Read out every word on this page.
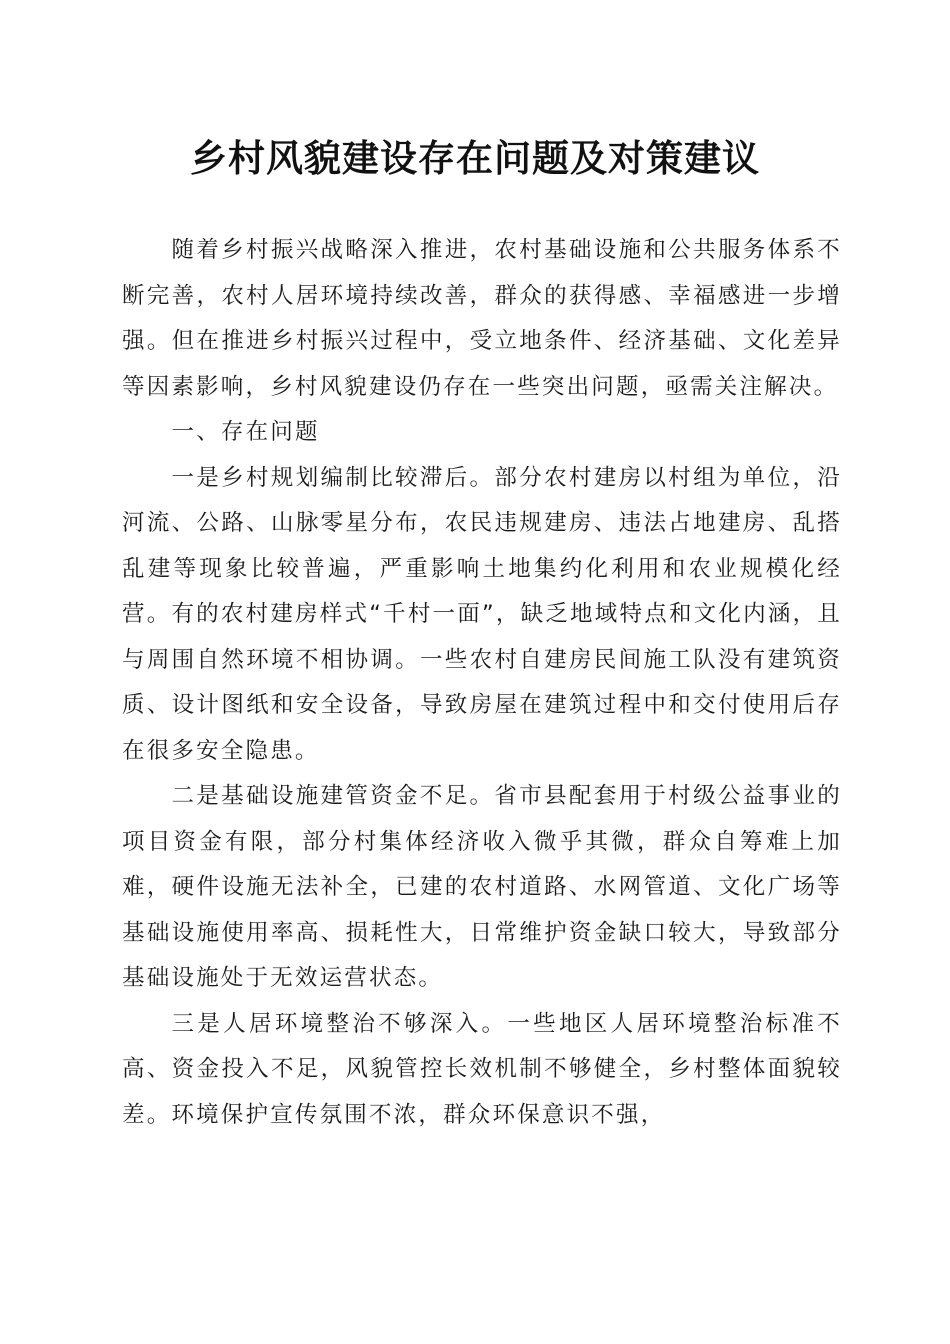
乡村风貌建设存在问题及对策建议

随着乡村振兴战略深入推进，农村基础设施和公共服务体系不断完善，农村人居环境持续改善，群众的获得感、幸福感进一步增强。但在推进乡村振兴过程中，受立地条件、经济基础、文化差异等因素影响，乡村风貌建设仍存在一些突出问题，亟需关注解决。

一、存在问题

一是乡村规划编制比较滞后。部分农村建房以村组为单位，沿河流、公路、山脉零星分布，农民违规建房、违法占地建房、乱搭乱建等现象比较普遍，严重影响土地集约化利用和农业规模化经营。有的农村建房样式“千村一面”，缺乏地域特点和文化内涵，且与周围自然环境不相协调。一些农村自建房民间施工队没有建筑资质、设计图纸和安全设备，导致房屋在建筑过程中和交付使用后存在很多安全隐患。

二是基础设施建管资金不足。省市县配套用于村级公益事业的项目资金有限，部分村集体经济收入微乎其微，群众自筹难上加难，硬件设施无法补全，已建的农村道路、水网管道、文化广场等基础设施使用率高、损耗性大，日常维护资金缺口较大，导致部分基础设施处于无效运营状态。

三是人居环境整治不够深入。一些地区人居环境整治标准不高、资金投入不足，风貌管控长效机制不够健全，乡村整体面貌较差。环境保护宣传氛围不浓，群众环保意识不强，
